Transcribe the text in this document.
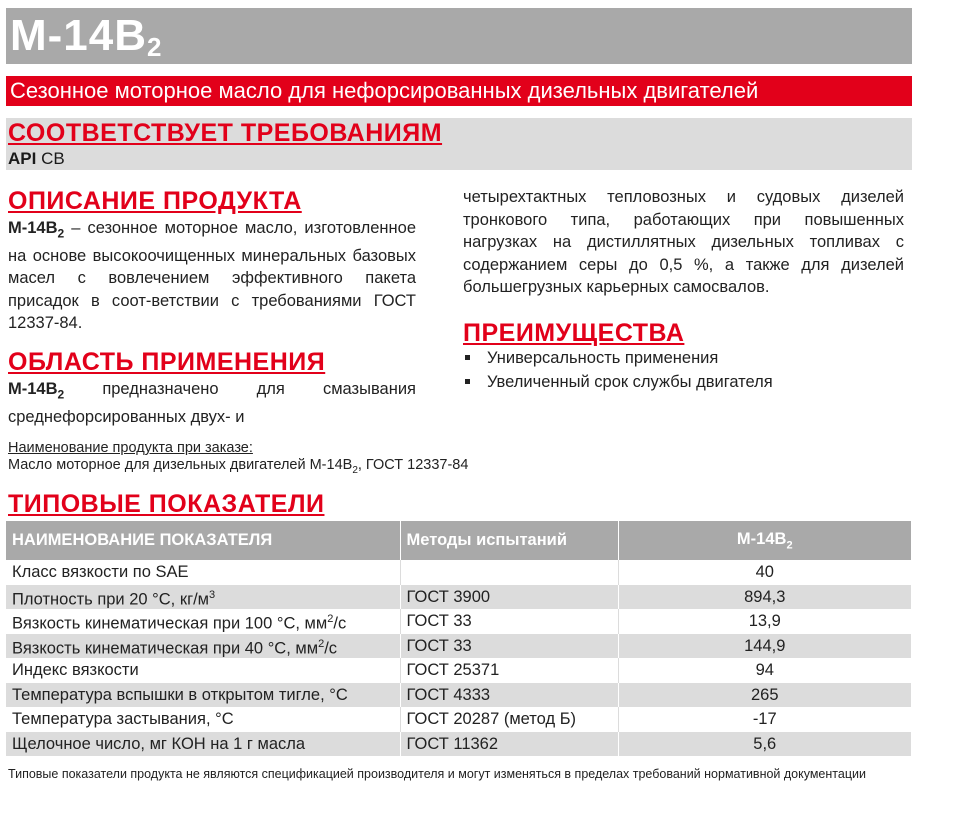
$М-14В_2$
Сезонное моторное масло для нефорсированных дизельных двигателей
СООТВЕТСТВУЕТ ТРЕБОВАНИЯМ
API CB
ОПИСАНИЕ ПРОДУКТА
$М-14В_2$ – сезонное моторное масло, изготовленное на основе высокоочищенных минеральных базовых масел с вовлечением эффективного пакета присадок в соот-ветствии с требованиями ГОСТ 12337-84.
ОБЛАСТЬ ПРИМЕНЕНИЯ
$М-14В_2$ предназначено для смазывания среднефорсированных двух- и
четырехтактных тепловозных и судовых дизелей тронкового типа, работающих при повышенных нагрузках на дистиллятных дизельных топливах с содержанием серы до 0,5 %, а также для дизелей большегрузных карьерных самосвалов.
ПРЕИМУЩЕСТВА
Универсальность применения
Увеличенный срок службы двигателя
Наименование продукта при заказе:
Масло моторное для дизельных двигателей $М-14В_2$, ГОСТ 12337-84
ТИПОВЫЕ ПОКАЗАТЕЛИ
НАИМЕНОВАНИЕ ПОКАЗАТЕЛЯ	Методы испытаний	$М-14В_2$
Класс вязкости по SAE		40
Плотность при 20 °С, $кг/м^3$	ГОСТ 3900	894,3
Вязкость кинематическая при 100 °С, $мм^2/с$	ГОСТ 33	13,9
Вязкость кинематическая при 40 °С, $мм^2/с$	ГОСТ 33	144,9
Индекс вязкости	ГОСТ 25371	94
Температура вспышки в открытом тигле, °С	ГОСТ 4333	265
Температура застывания, °С	ГОСТ 20287 (метод Б)	-17
Щелочное число, мг КОН на 1 г масла	ГОСТ 11362	5,6
Типовые показатели продукта не являются спецификацией производителя и могут изменяться в пределах требований нормативной документации
